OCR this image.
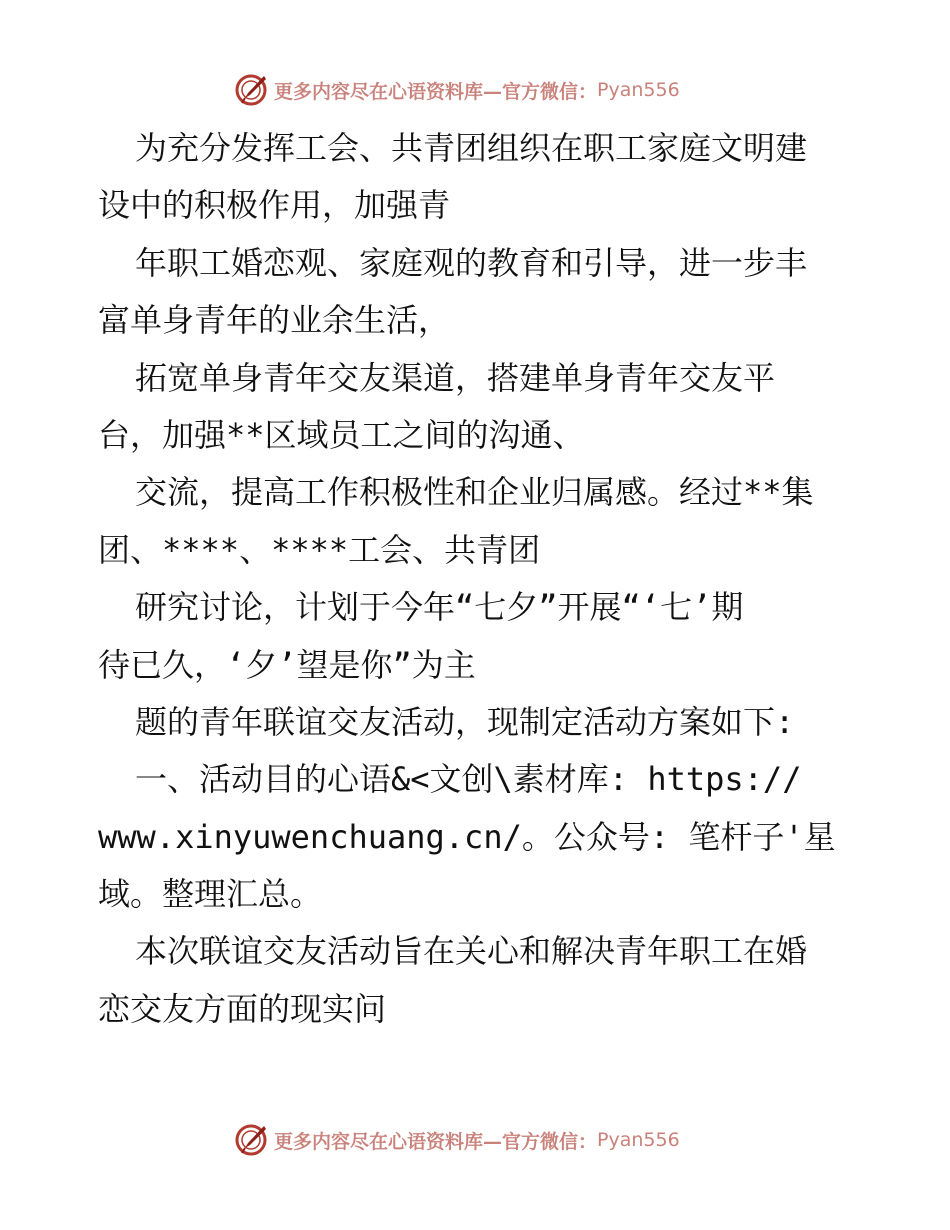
更多内容尽在心语资料库— 官方微信： Pyan556
为充分发挥工会、共青团组织在职工家庭文明建
设中的积极作用，加强青
年职工婚恋观、家庭观的教育和引导，进一步丰
富单身青年的业余生活，
拓宽单身青年交友渠道，搭建单身青年交友平
台，加强**区域员工之间的沟通、
交流，提高工作积极性和企业归属感。经过**集
团、****、****工会、共青团
研究讨论，计划于今年“七夕”开展“‘七’期
待已久，‘夕’望是你”为主
题的青年联谊交友活动，现制定活动方案如下:
一、活动目的心语&<文创\素材库: https://
www.xinyuwenchuang.cn/。公众号: 笔杆子'星
域。整理汇总。
本次联谊交友活动旨在关心和解决青年职工在婚
恋交友方面的现实问
更多内容尽在心语资料库— 官方微信： Pyan556
